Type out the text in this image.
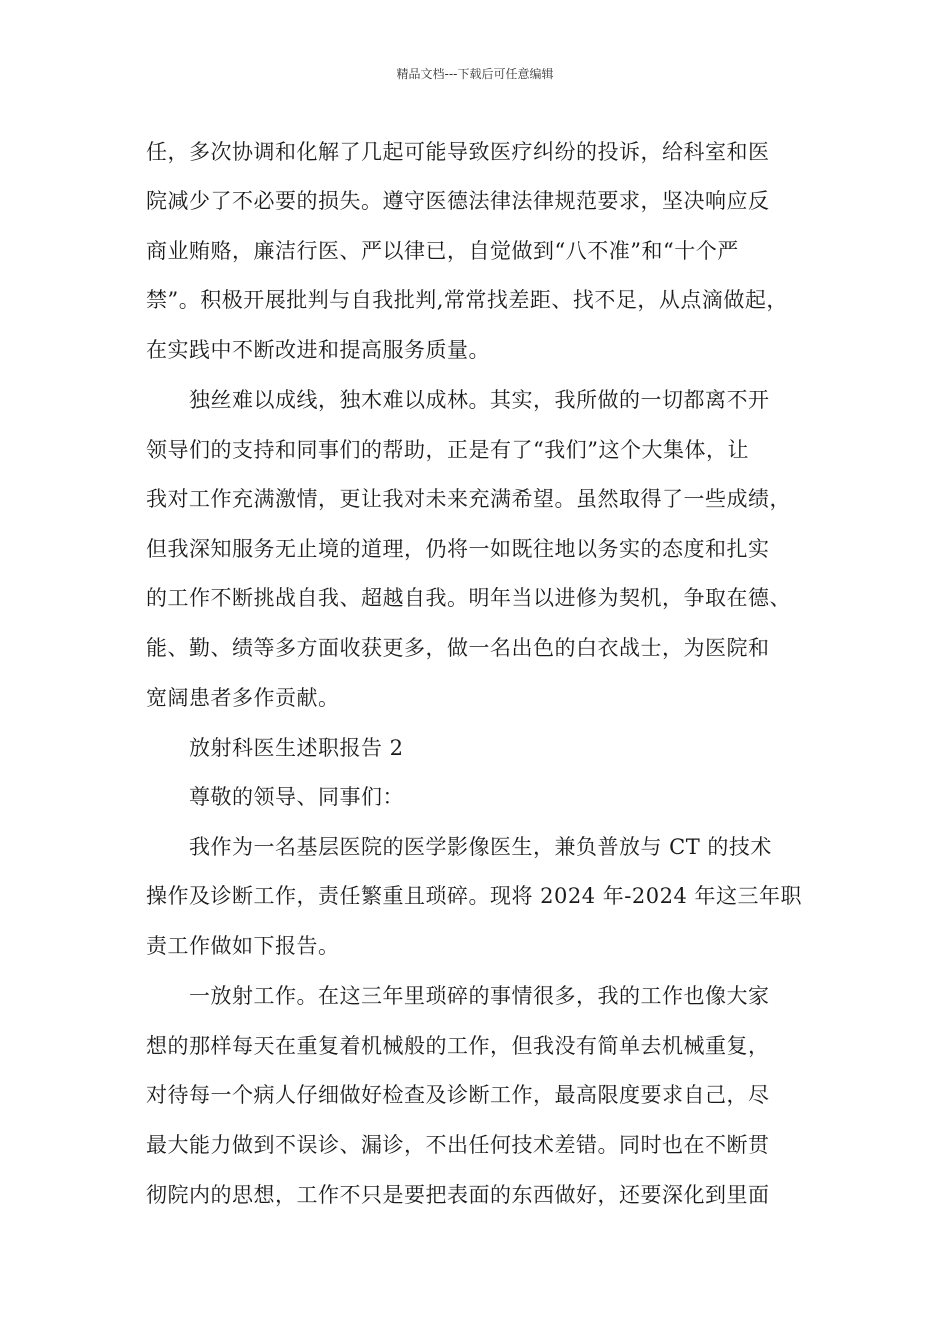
精品文档---下载后可任意编辑
任，多次协调和化解了几起可能导致医疗纠纷的投诉，给科室和医
院减少了不必要的损失。遵守医德法律法律规范要求，坚决响应反
商业贿赂，廉洁行医、严以律已，自觉做到“八不准”和“十个严
禁”。积极开展批判与自我批判,常常找差距、找不足，从点滴做起，
在实践中不断改进和提高服务质量。
独丝难以成线，独木难以成林。其实，我所做的一切都离不开
领导们的支持和同事们的帮助，正是有了“我们”这个大集体，让
我对工作充满激情，更让我对未来充满希望。虽然取得了一些成绩，
但我深知服务无止境的道理，仍将一如既往地以务实的态度和扎实
的工作不断挑战自我、超越自我。明年当以进修为契机，争取在德、
能、勤、绩等多方面收获更多，做一名出色的白衣战士，为医院和
宽阔患者多作贡献。
放射科医生述职报告 2
尊敬的领导、同事们：
我作为一名基层医院的医学影像医生，兼负普放与 CT 的技术
操作及诊断工作，责任繁重且琐碎。现将 2024 年-2024 年这三年职
责工作做如下报告。
一放射工作。在这三年里琐碎的事情很多，我的工作也像大家
想的那样每天在重复着机械般的工作，但我没有简单去机械重复，
对待每一个病人仔细做好检查及诊断工作，最高限度要求自己，尽
最大能力做到不误诊、漏诊，不出任何技术差错。同时也在不断贯
彻院内的思想，工作不只是要把表面的东西做好，还要深化到里面
